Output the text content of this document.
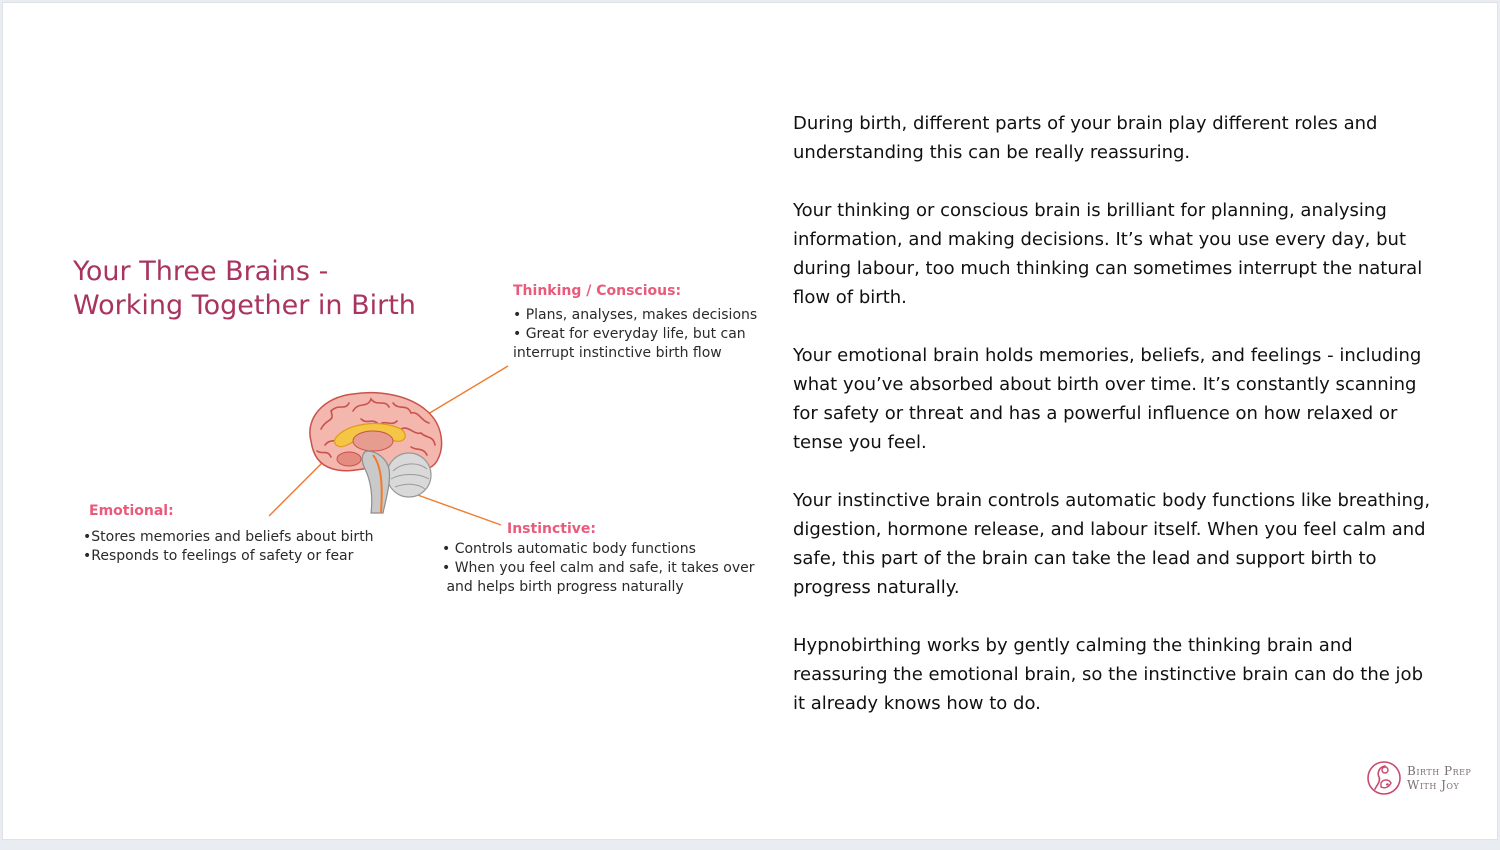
Your Three Brains -
Working Together in Birth	Thinking / Conscious:
• Plans, analyses, makes decisions
• Great for everyday life, but can
interrupt instinctive birth flow
Emotional:
•Stores memories and beliefs about birth
•Responds to feelings of safety or fear
Instinctive:
• Controls automatic body functions
• When you feel calm and safe, it takes over
and helps birth progress naturally

During birth, different parts of your brain play different roles and understanding this can be really reassuring.

Your thinking or conscious brain is brilliant for planning, analysing information, and making decisions. It’s what you use every day, but during labour, too much thinking can sometimes interrupt the natural flow of birth.

Your emotional brain holds memories, beliefs, and feelings - including what you’ve absorbed about birth over time. It’s constantly scanning for safety or threat and has a powerful influence on how relaxed or tense you feel.

Your instinctive brain controls automatic body functions like breathing, digestion, hormone release, and labour itself. When you feel calm and safe, this part of the brain can take the lead and support birth to progress naturally.

Hypnobirthing works by gently calming the thinking brain and reassuring the emotional brain, so the instinctive brain can do the job it already knows how to do.

Birth Prep
With Joy
